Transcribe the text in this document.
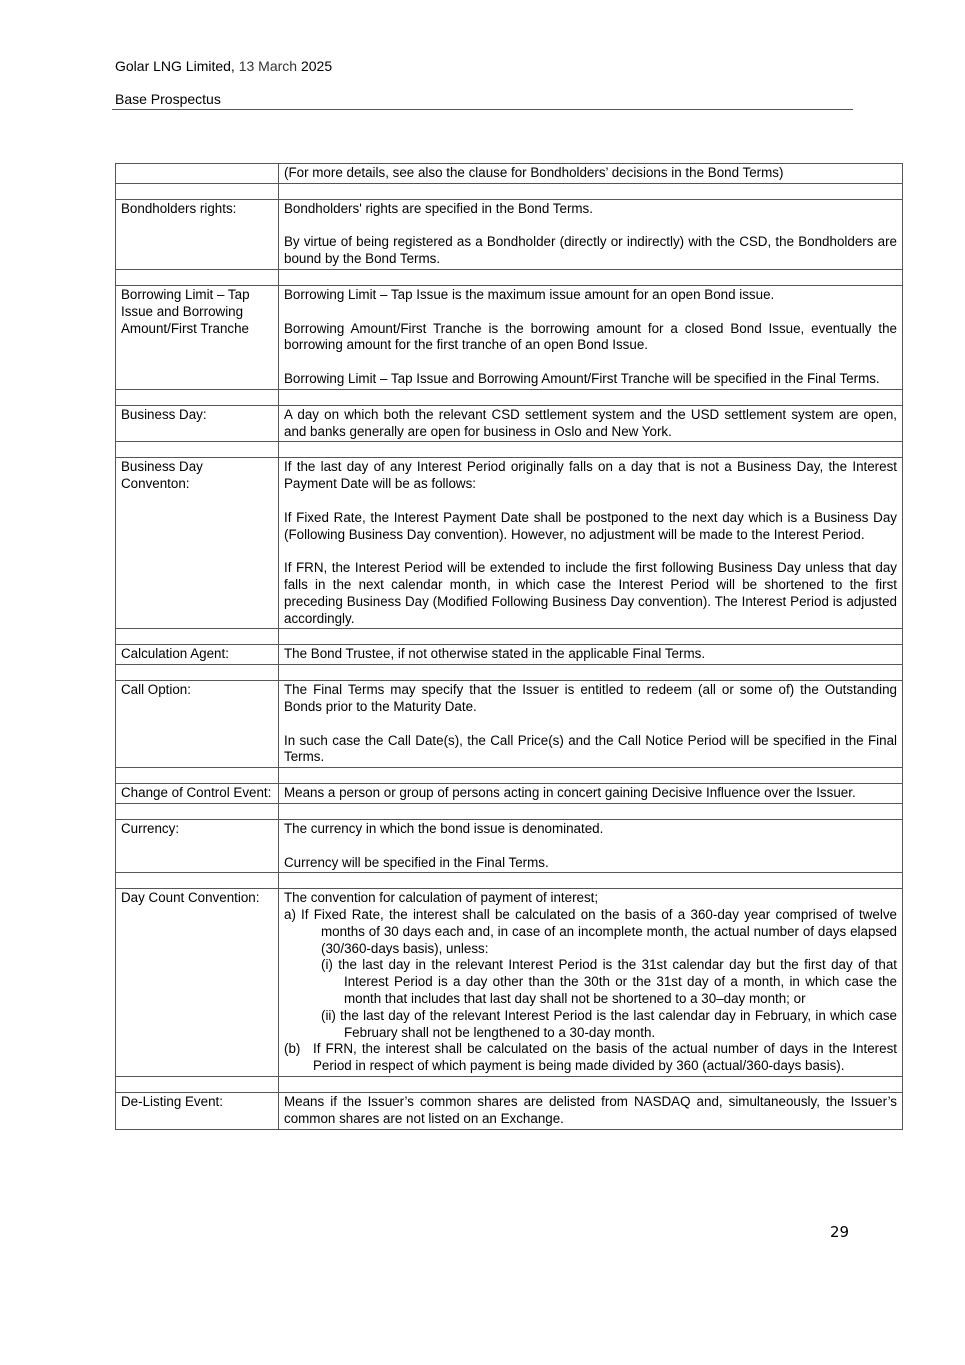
Golar LNG Limited, 13 March 2025
Base Prospectus

	(For more details, see also the clause for Bondholders’ decisions in the Bond Terms)

Bondholders rights:	Bondholders' rights are specified in the Bond Terms.

By virtue of being registered as a Bondholder (directly or indirectly) with the CSD, the Bondholders are bound by the Bond Terms.

Borrowing Limit – Tap Issue and Borrowing Amount/First Tranche	Borrowing Limit – Tap Issue is the maximum issue amount for an open Bond issue.

Borrowing Amount/First Tranche is the borrowing amount for a closed Bond Issue, eventually the borrowing amount for the first tranche of an open Bond Issue.

Borrowing Limit – Tap Issue and Borrowing Amount/First Tranche will be specified in the Final Terms.

Business Day:	A day on which both the relevant CSD settlement system and the USD settlement system are open, and banks generally are open for business in Oslo and New York.

Business Day Conventon:	If the last day of any Interest Period originally falls on a day that is not a Business Day, the Interest Payment Date will be as follows:

If Fixed Rate, the Interest Payment Date shall be postponed to the next day which is a Business Day (Following Business Day convention). However, no adjustment will be made to the Interest Period.

If FRN, the Interest Period will be extended to include the first following Business Day unless that day falls in the next calendar month, in which case the Interest Period will be shortened to the first preceding Business Day (Modified Following Business Day convention). The Interest Period is adjusted accordingly.

Calculation Agent:	The Bond Trustee, if not otherwise stated in the applicable Final Terms.

Call Option:	The Final Terms may specify that the Issuer is entitled to redeem (all or some of) the Outstanding Bonds prior to the Maturity Date.

In such case the Call Date(s), the Call Price(s) and the Call Notice Period will be specified in the Final Terms.

Change of Control Event:	Means a person or group of persons acting in concert gaining Decisive Influence over the Issuer.

Currency:	The currency in which the bond issue is denominated.

Currency will be specified in the Final Terms.

Day Count Convention:	The convention for calculation of payment of interest;

a) If Fixed Rate, the interest shall be calculated on the basis of a 360-day year comprised of twelve months of 30 days each and, in case of an incomplete month, the actual number of days elapsed (30/360-days basis), unless:

(i) the last day in the relevant Interest Period is the 31st calendar day but the first day of that Interest Period is a day other than the 30th or the 31st day of a month, in which case the month that includes that last day shall not be shortened to a 30–day month; or

(ii) the last day of the relevant Interest Period is the last calendar day in February, in which case February shall not be lengthened to a 30-day month.

(b) If FRN, the interest shall be calculated on the basis of the actual number of days in the Interest Period in respect of which payment is being made divided by 360 (actual/360-days basis).

De-Listing Event:	Means if the Issuer’s common shares are delisted from NASDAQ and, simultaneously, the Issuer’s common shares are not listed on an Exchange.

29
